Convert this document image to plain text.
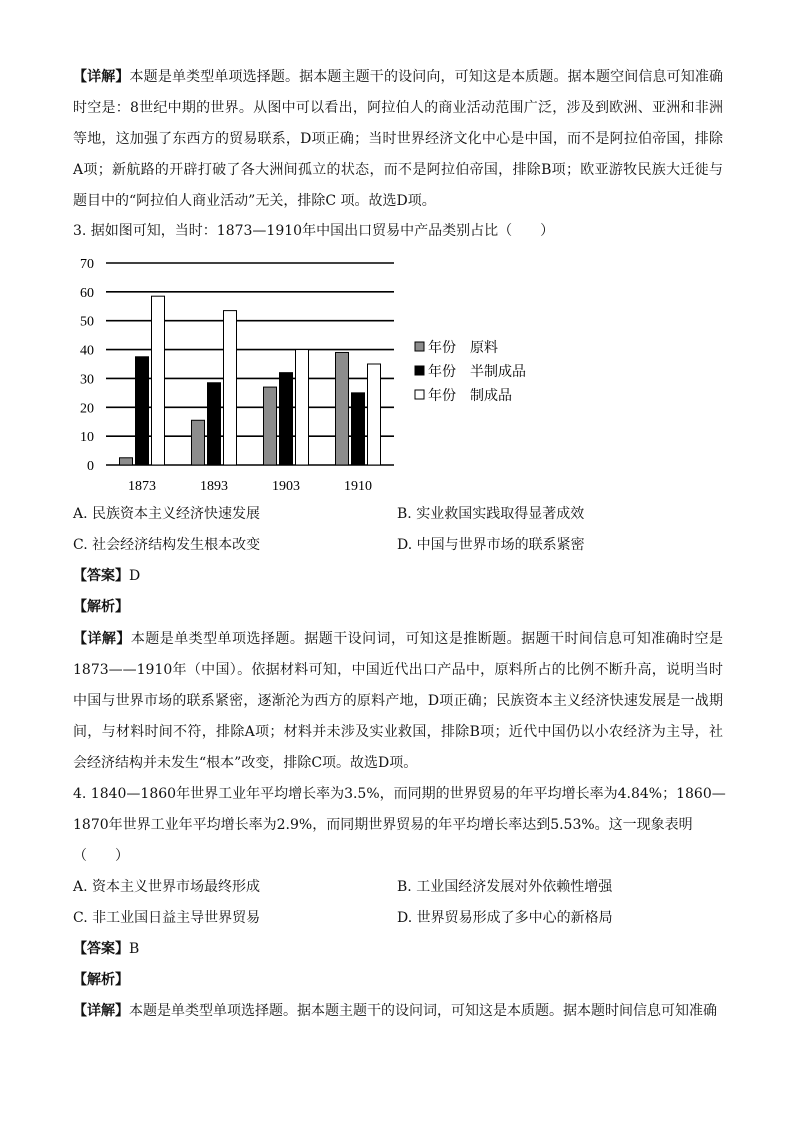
【详解】本题是单类型单项选择题。据本题主题干的设问向，可知这是本质题。据本题空间信息可知准确时空是：8世纪中期的世界。从图中可以看出，阿拉伯人的商业活动范围广泛，涉及到欧洲、亚洲和非洲等地，这加强了东西方的贸易联系，D项正确；当时世界经济文化中心是中国，而不是阿拉伯帝国，排除A项；新航路的开辟打破了各大洲间孤立的状态，而不是阿拉伯帝国，排除B项；欧亚游牧民族大迁徙与题目中的“阿拉伯人商业活动”无关，排除C 项。故选D项。

3. 据如图可知，当时：1873—1910年中国出口贸易中产品类别占比（　　）

70
60
50
40
30
20
10
0
1873	1893	1903	1910
年份　原料
年份　半制成品
年份　制成品

A. 民族资本主义经济快速发展	B. 实业救国实践取得显著成效

C. 社会经济结构发生根本改变	D. 中国与世界市场的联系紧密

【答案】D

【解析】

【详解】本题是单类型单项选择题。据题干设问词，可知这是推断题。据题干时间信息可知准确时空是1873——1910年（中国）。依据材料可知，中国近代出口产品中，原料所占的比例不断升高，说明当时中国与世界市场的联系紧密，逐渐沦为西方的原料产地，D项正确；民族资本主义经济快速发展是一战期间，与材料时间不符，排除A项；材料并未涉及实业救国，排除B项；近代中国仍以小农经济为主导，社会经济结构并未发生“根本”改变，排除C项。故选D项。

4. 1840—1860年世界工业年平均增长率为3.5%，而同期的世界贸易的年平均增长率为4.84%；1860—

1870年世界工业年平均增长率为2.9%，而同期世界贸易的年平均增长率达到5.53%。这一现象表明

（　　）

A. 资本主义世界市场最终形成	B. 工业国经济发展对外依赖性增强

C. 非工业国日益主导世界贸易	D. 世界贸易形成了多中心的新格局

【答案】B

【解析】

【详解】本题是单类型单项选择题。据本题主题干的设问词，可知这是本质题。据本题时间信息可知准确
